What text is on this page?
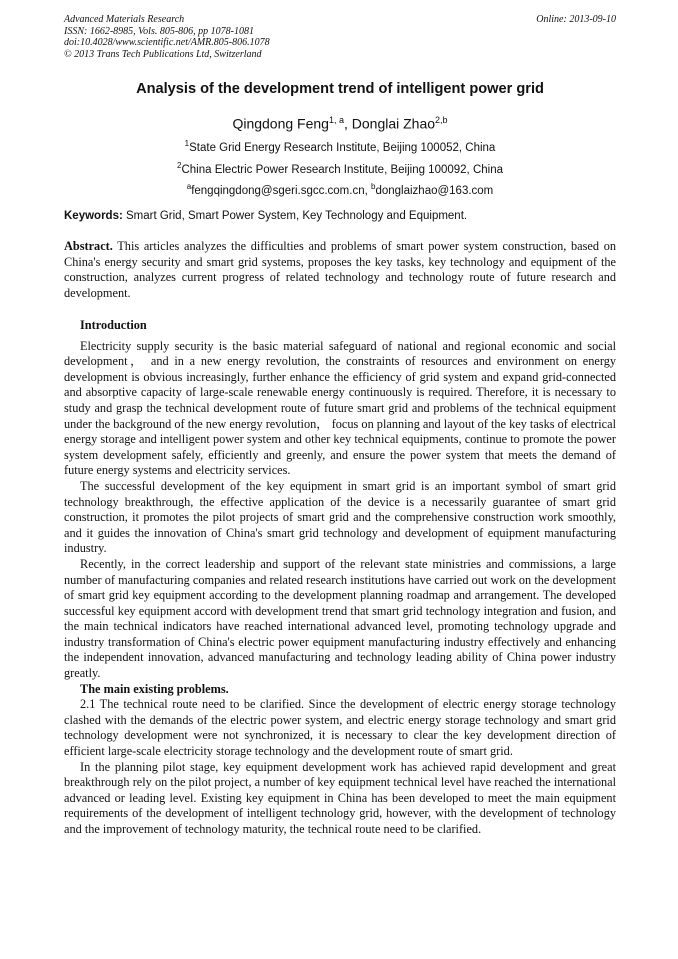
Advanced Materials Research
ISSN: 1662-8985, Vols. 805-806, pp 1078-1081
doi:10.4028/www.scientific.net/AMR.805-806.1078
© 2013 Trans Tech Publications Ltd, Switzerland
Online: 2013-09-10
Analysis of the development trend of intelligent power grid
Qingdong Feng$^{1, a}$, Donglai Zhao$^{2,b}$
$^1$State Grid Energy Research Institute, Beijing 100052, China
$^2$China Electric Power Research Institute, Beijing 100092, China
$^a$fengqingdong@sgeri.sgcc.com.cn, $^b$donglaizhao@163.com
Keywords: Smart Grid, Smart Power System, Key Technology and Equipment.

Abstract. This articles analyzes the difficulties and problems of smart power system construction, based on China's energy security and smart grid systems, proposes the key tasks, key technology and equipment of the construction, analyzes current progress of related technology and technology route of future research and development.

Introduction

Electricity supply security is the basic material safeguard of national and regional economic and social development， and in a new energy revolution, the constraints of resources and environment on energy development is obvious increasingly, further enhance the efficiency of grid system and expand grid-connected and absorptive capacity of large-scale renewable energy continuously is required. Therefore, it is necessary to study and grasp the technical development route of future smart grid and problems of the technical equipment under the background of the new energy revolution， focus on planning and layout of the key tasks of electrical energy storage and intelligent power system and other key technical equipments, continue to promote the power system development safely, efficiently and greenly, and ensure the power system that meets the demand of future energy systems and electricity services.

The successful development of the key equipment in smart grid is an important symbol of smart grid technology breakthrough, the effective application of the device is a necessarily guarantee of smart grid construction, it promotes the pilot projects of smart grid and the comprehensive construction work smoothly, and it guides the innovation of China's smart grid technology and development of equipment manufacturing industry.

Recently, in the correct leadership and support of the relevant state ministries and commissions, a large number of manufacturing companies and related research institutions have carried out work on the development of smart grid key equipment according to the development planning roadmap and arrangement. The developed successful key equipment accord with development trend that smart grid technology integration and fusion, and the main technical indicators have reached international advanced level, promoting technology upgrade and industry transformation of China's electric power equipment manufacturing industry effectively and enhancing the independent innovation, advanced manufacturing and technology leading ability of China power industry greatly.

The main existing problems.

2.1 The technical route need to be clarified. Since the development of electric energy storage technology clashed with the demands of the electric power system, and electric energy storage technology and smart grid technology development were not synchronized, it is necessary to clear the key development direction of efficient large-scale electricity storage technology and the development route of smart grid.

In the planning pilot stage, key equipment development work has achieved rapid development and great breakthrough rely on the pilot project, a number of key equipment technical level have reached the international advanced or leading level. Existing key equipment in China has been developed to meet the main equipment requirements of the development of intelligent technology grid, however, with the development of technology and the improvement of technology maturity, the technical route need to be clarified.
